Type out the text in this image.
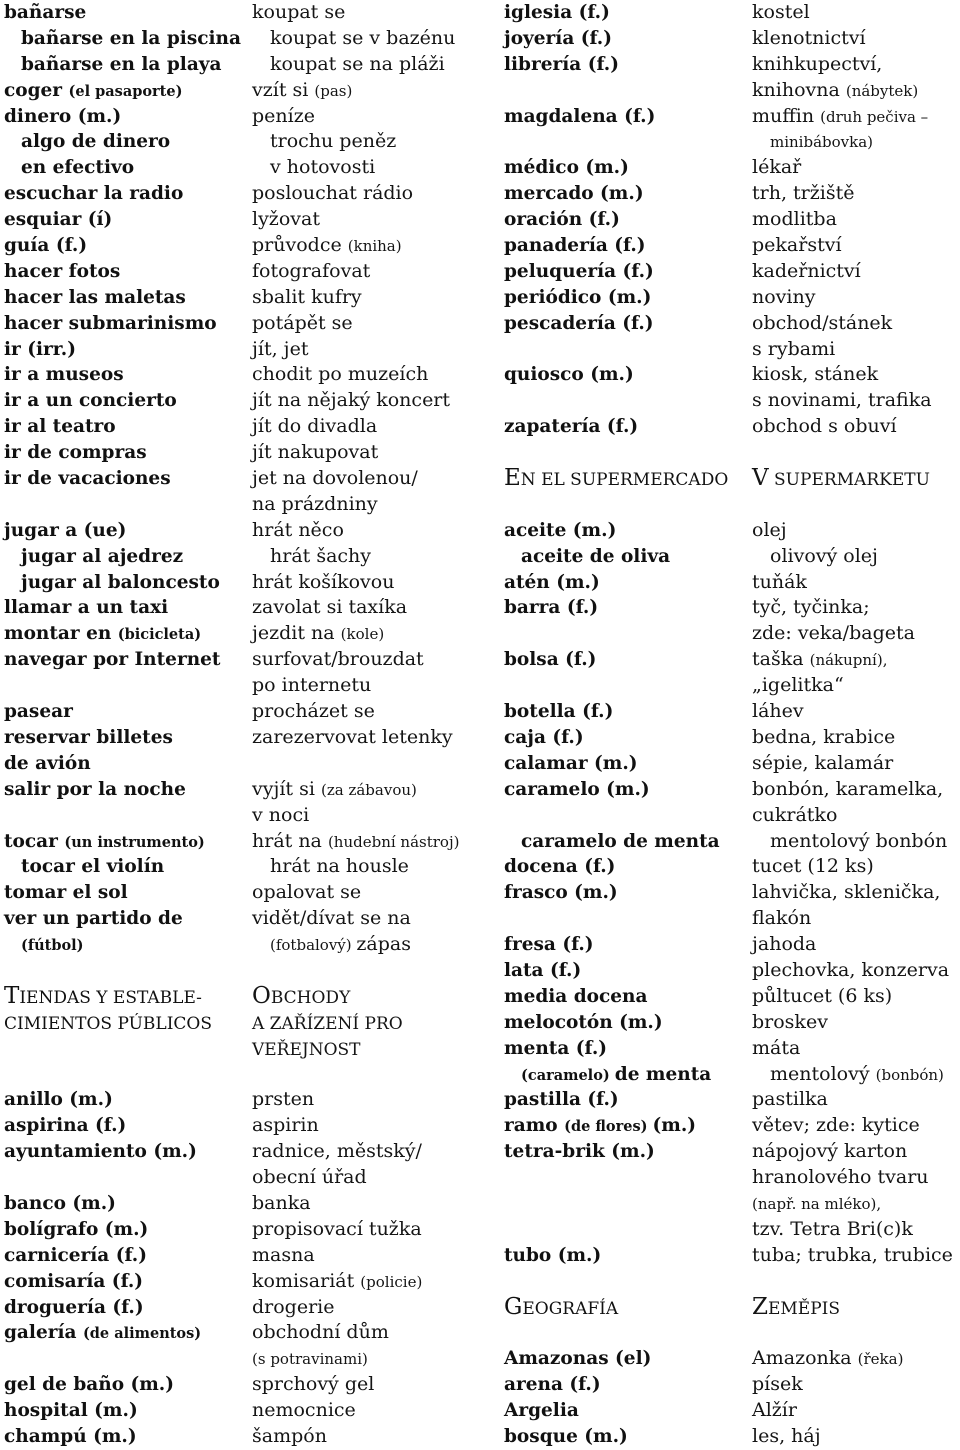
bañarse
bañarse en la piscina
bañarse en la playa
coger (el pasaporte)
dinero (m.)
algo de dinero
en efectivo
escuchar la radio
esquiar (í)
guía (f.)
hacer fotos
hacer las maletas
hacer submarinismo
ir (irr.)
ir a museos
ir a un concierto
ir al teatro
ir de compras
ir de vacaciones
jugar a (ue)
jugar al ajedrez
jugar al baloncesto
llamar a un taxi
montar en (bicicleta)
navegar por Internet
pasear
reservar billetes
de avión
salir por la noche
tocar (un instrumento)
tocar el violín
tomar el sol
ver un partido de
(fútbol)
TIENDAS Y ESTABLE-
CIMIENTOS PÚBLICOS
anillo (m.)
aspirina (f.)
ayuntamiento (m.)
banco (m.)
bolígrafo (m.)
carnicería (f.)
comisaría (f.)
droguería (f.)
galería (de alimentos)
gel de baño (m.)
hospital (m.)
champú (m.)
koupat se
koupat se v bazénu
koupat se na pláži
vzít si (pas)
peníze
trochu peněz
v hotovosti
poslouchat rádio
lyžovat
průvodce (kniha)
fotografovat
sbalit kufry
potápět se
jít, jet
chodit po muzeích
jít na nějaký koncert
jít do divadla
jít nakupovat
jet na dovolenou/
na prázdniny
hrát něco
hrát šachy
hrát košíkovou
zavolat si taxíka
jezdit na (kole)
surfovat/brouzdat
po internetu
procházet se
zarezervovat letenky
vyjít si (za zábavou)
v noci
hrát na (hudební nástroj)
hrát na housle
opalovat se
vidět/dívat se na
(fotbalový) zápas
OBCHODY
A ZAŘÍZENÍ PRO
VEŘEJNOST
prsten
aspirin
radnice, městský/
obecní úřad
banka
propisovací tužka
masna
komisariát (policie)
drogerie
obchodní dům
(s potravinami)
sprchový gel
nemocnice
šampón
iglesia (f.)
joyería (f.)
librería (f.)
magdalena (f.)
médico (m.)
mercado (m.)
oración (f.)
panadería (f.)
peluquería (f.)
periódico (m.)
pescadería (f.)
quiosco (m.)
zapatería (f.)
EN EL SUPERMERCADO
aceite (m.)
aceite de oliva
atén (m.)
barra (f.)
bolsa (f.)
botella (f.)
caja (f.)
calamar (m.)
caramelo (m.)
caramelo de menta
docena (f.)
frasco (m.)
fresa (f.)
lata (f.)
media docena
melocotón (m.)
menta (f.)
(caramelo) de menta
pastilla (f.)
ramo (de flores) (m.)
tetra-brik (m.)
tubo (m.)
GEOGRAFÍA
Amazonas (el)
arena (f.)
Argelia
bosque (m.)
kostel
klenotnictví
knihkupectví,
knihovna (nábytek)
muffin (druh pečiva –
minibábovka)
lékař
trh, tržiště
modlitba
pekařství
kadeřnictví
noviny
obchod/stánek
s rybami
kiosk, stánek
s novinami, trafika
obchod s obuví
V SUPERMARKETU
olej
olivový olej
tuňák
tyč, tyčinka;
zde: veka/bageta
taška (nákupní),
„igelitka“
láhev
bedna, krabice
sépie, kalamár
bonbón, karamelka,
cukrátko
mentolový bonbón
tucet (12 ks)
lahvička, sklenička,
flakón
jahoda
plechovka, konzerva
půltucet (6 ks)
broskev
máta
mentolový (bonbón)
pastilka
větev; zde: kytice
nápojový karton
hranolového tvaru
(např. na mléko),
tzv. Tetra Bri(c)k
tuba; trubka, trubice
ZEMĚPIS
Amazonka (řeka)
písek
Alžír
les, háj
